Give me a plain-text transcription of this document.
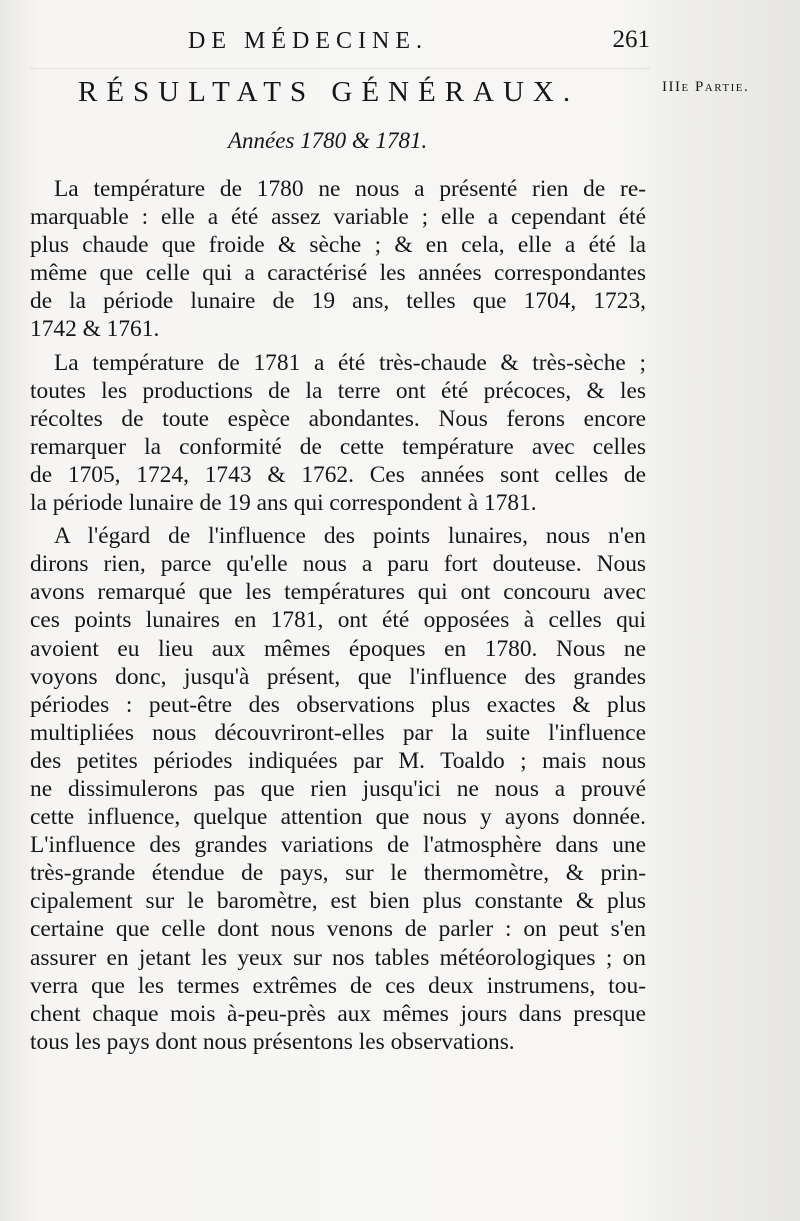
DE MÉDECINE.	261
RÉSULTATS GÉNÉRAUX.	IIIe Partie.
Années 1780 & 1781.
La température de 1780 ne nous a présenté rien de re-
marquable : elle a été assez variable ; elle a cependant été
plus chaude que froide & sèche ; & en cela, elle a été la
même que celle qui a caractérisé les années correspondantes
de la période lunaire de 19 ans, telles que 1704, 1723,
1742 & 1761.
La température de 1781 a été très-chaude & très-sèche ;
toutes les productions de la terre ont été précoces, & les
récoltes de toute espèce abondantes. Nous ferons encore
remarquer la conformité de cette température avec celles
de 1705, 1724, 1743 & 1762. Ces années sont celles de
la période lunaire de 19 ans qui correspondent à 1781.
A l'égard de l'influence des points lunaires, nous n'en
dirons rien, parce qu'elle nous a paru fort douteuse. Nous
avons remarqué que les températures qui ont concouru avec
ces points lunaires en 1781, ont été opposées à celles qui
avoient eu lieu aux mêmes époques en 1780. Nous ne
voyons donc, jusqu'à présent, que l'influence des grandes
périodes : peut-être des observations plus exactes & plus
multipliées nous découvriront-elles par la suite l'influence
des petites périodes indiquées par M. Toaldo ; mais nous
ne dissimulerons pas que rien jusqu'ici ne nous a prouvé
cette influence, quelque attention que nous y ayons donnée.
L'influence des grandes variations de l'atmosphère dans une
très-grande étendue de pays, sur le thermomètre, & prin-
cipalement sur le baromètre, est bien plus constante & plus
certaine que celle dont nous venons de parler : on peut s'en
assurer en jetant les yeux sur nos tables météorologiques ; on
verra que les termes extrêmes de ces deux instrumens, tou-
chent chaque mois à-peu-près aux mêmes jours dans presque
tous les pays dont nous présentons les observations.
